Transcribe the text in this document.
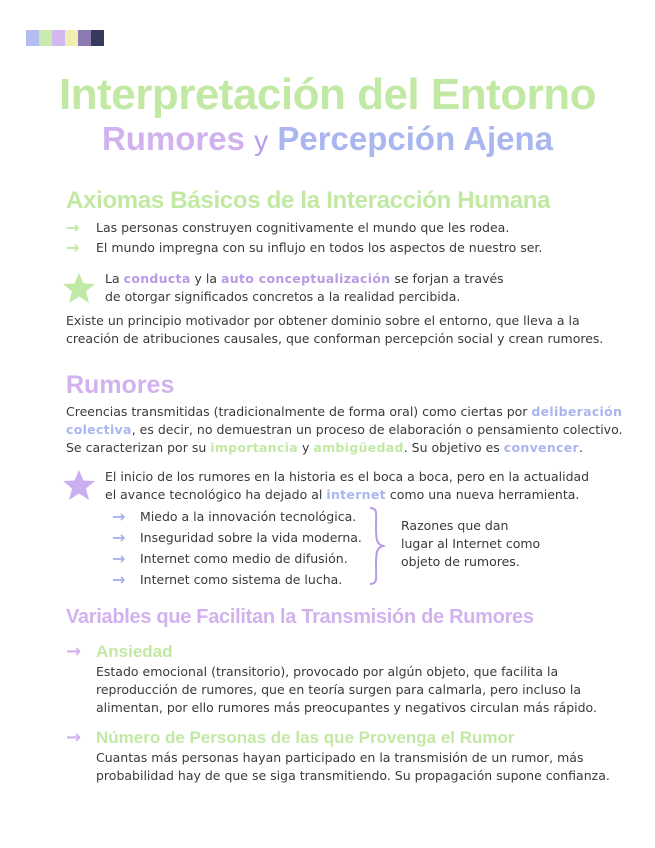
Interpretación del Entorno
Rumores y Percepción Ajena
Axiomas Básicos de la Interacción Humana
→	Las personas construyen cognitivamente el mundo que les rodea.
→	El mundo impregna con su influjo en todos los aspectos de nuestro ser.
La conducta y la auto conceptualización se forjan a través
de otorgar significados concretos a la realidad percibida.
Existe un principio motivador por obtener dominio sobre el entorno, que lleva a la
creación de atribuciones causales, que conforman percepción social y crean rumores.
Rumores
Creencias transmitidas (tradicionalmente de forma oral) como ciertas por deliberación
colectiva, es decir, no demuestran un proceso de elaboración o pensamiento colectivo.
Se caracterizan por su importancia y ambigüedad. Su objetivo es convencer.
El inicio de los rumores en la historia es el boca a boca, pero en la actualidad
el avance tecnológico ha dejado al internet como una nueva herramienta.
→	Miedo a la innovación tecnológica.
→	Inseguridad sobre la vida moderna.
→	Internet como medio de difusión.
→	Internet como sistema de lucha.
Razones que dan
lugar al Internet como
objeto de rumores.
Variables que Facilitan la Transmisión de Rumores
→ Ansiedad
Estado emocional (transitorio), provocado por algún objeto, que facilita la
reproducción de rumores, que en teoría surgen para calmarla, pero incluso la
alimentan, por ello rumores más preocupantes y negativos circulan más rápido.
→ Número de Personas de las que Provenga el Rumor
Cuantas más personas hayan participado en la transmisión de un rumor, más
probabilidad hay de que se siga transmitiendo. Su propagación supone confianza.
